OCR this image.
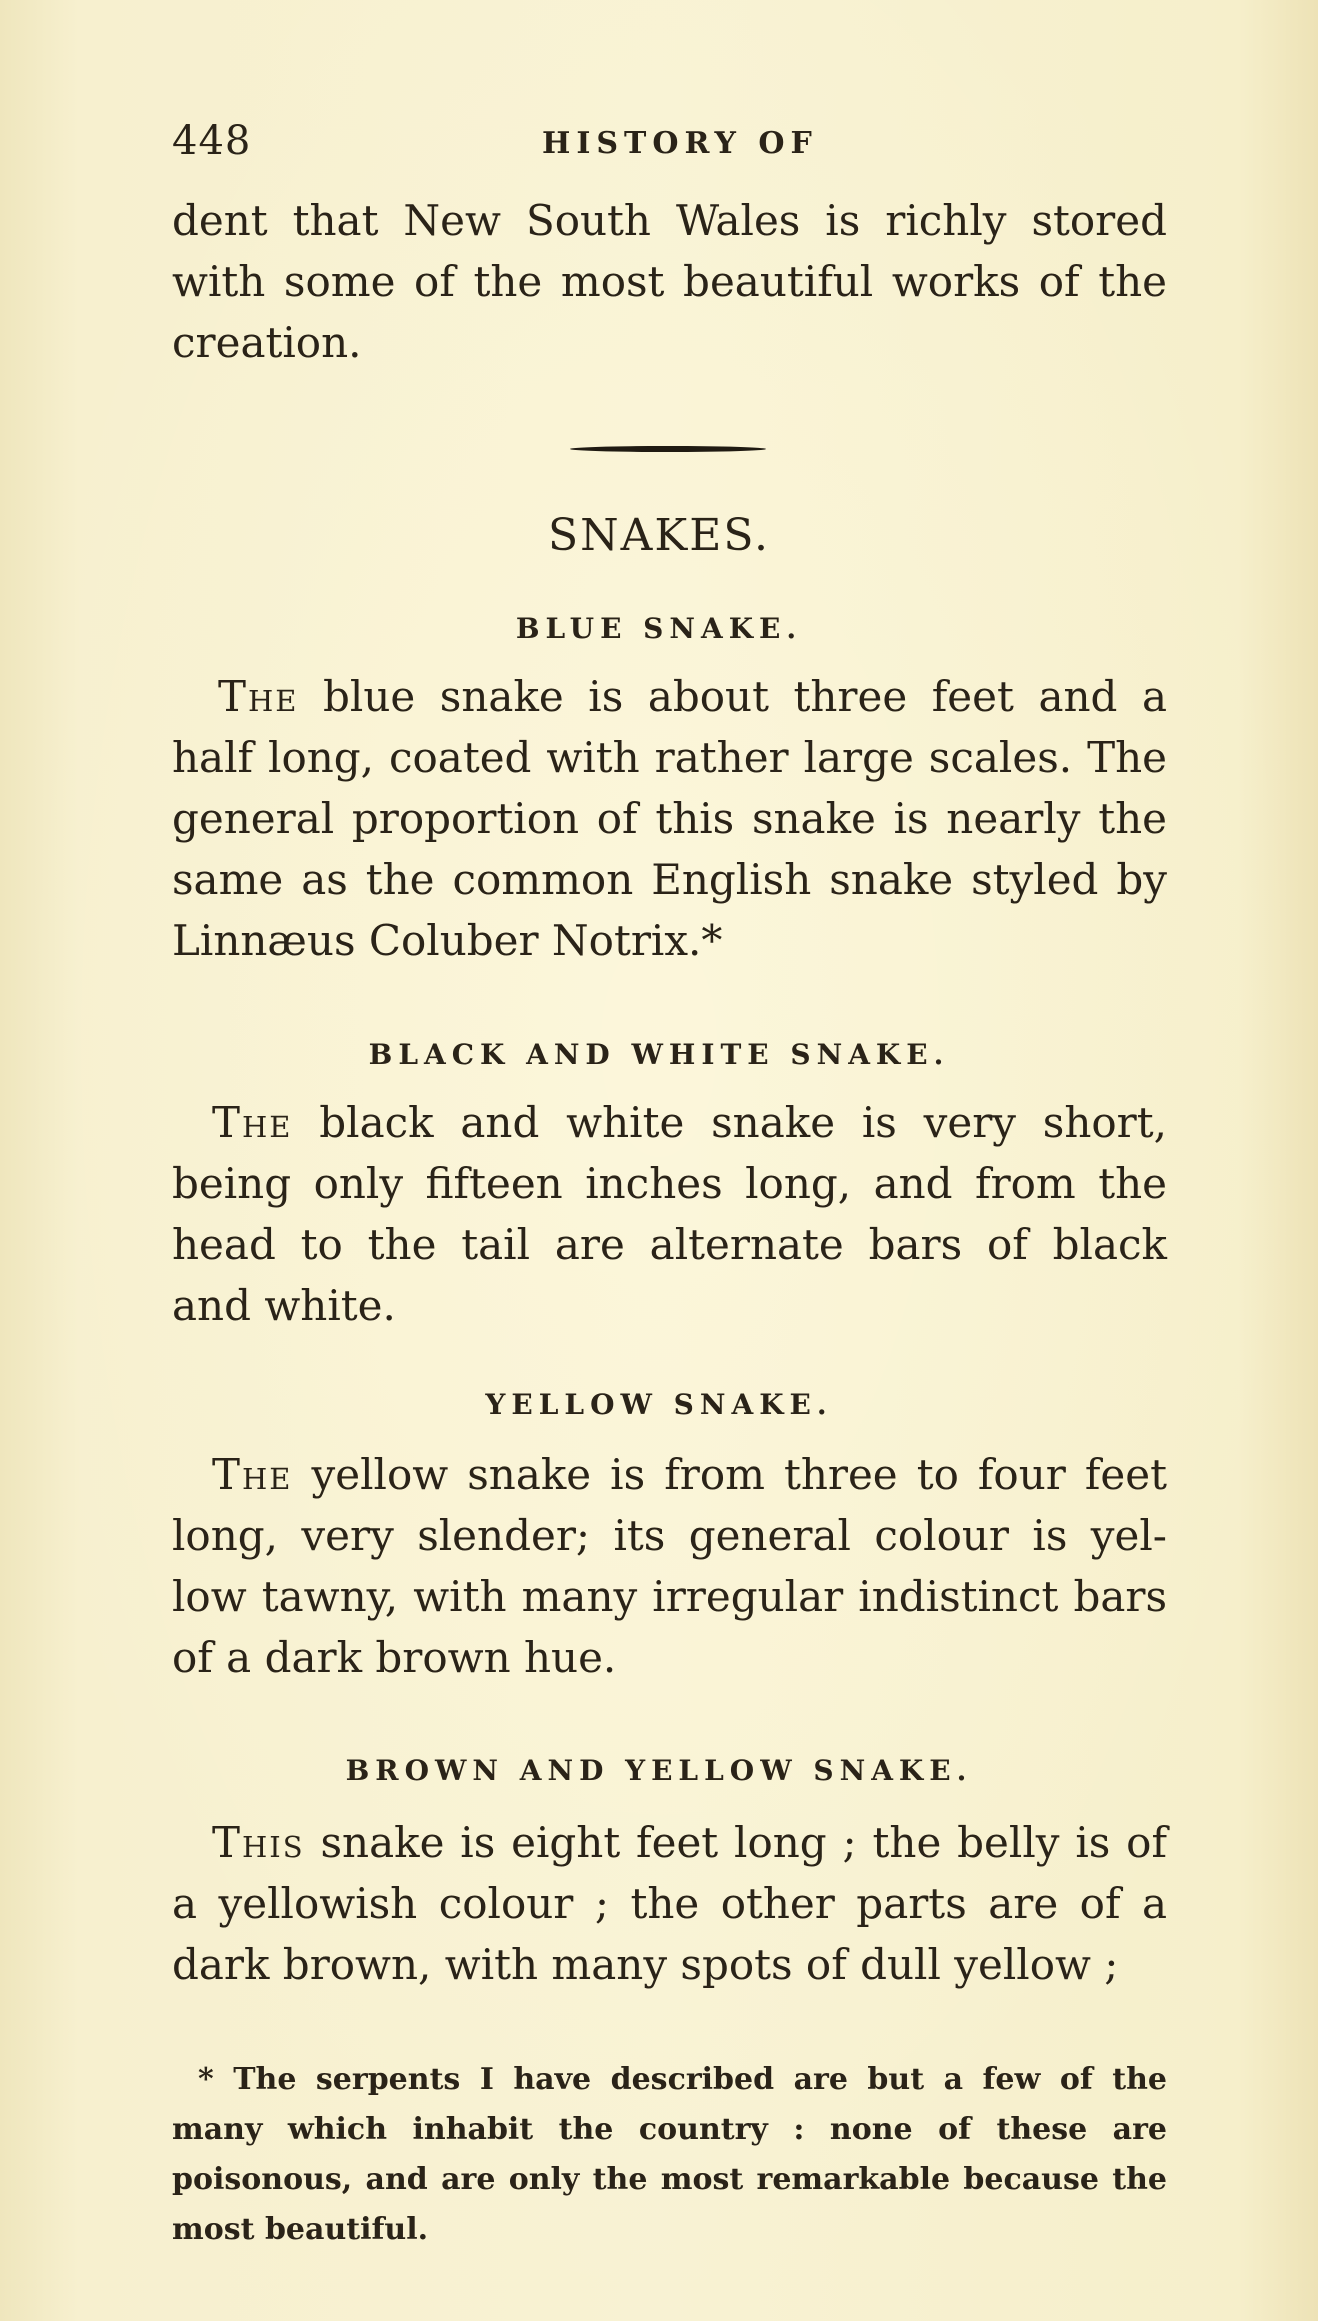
448	HISTORY OF

dent that New South Wales is richly stored with some of the most beautiful works of the creation.

SNAKES.
BLUE SNAKE.

The blue snake is about three feet and a half long, coated with rather large scales. The general proportion of this snake is nearly the same as the common English snake styled by Linnæus Coluber Notrix.*

BLACK AND WHITE SNAKE.

The black and white snake is very short, being only fifteen inches long, and from the head to the tail are alternate bars of black and white.

YELLOW SNAKE.

The yellow snake is from three to four feet long, very slender; its general colour is yel-low tawny, with many irregular indistinct bars of a dark brown hue.

BROWN AND YELLOW SNAKE.

This snake is eight feet long ; the belly is of a yellowish colour ; the other parts are of a dark brown, with many spots of dull yellow ;

* The serpents I have described are but a few of the many which inhabit the country : none of these are poisonous, and are only the most remarkable because the most beautiful.
